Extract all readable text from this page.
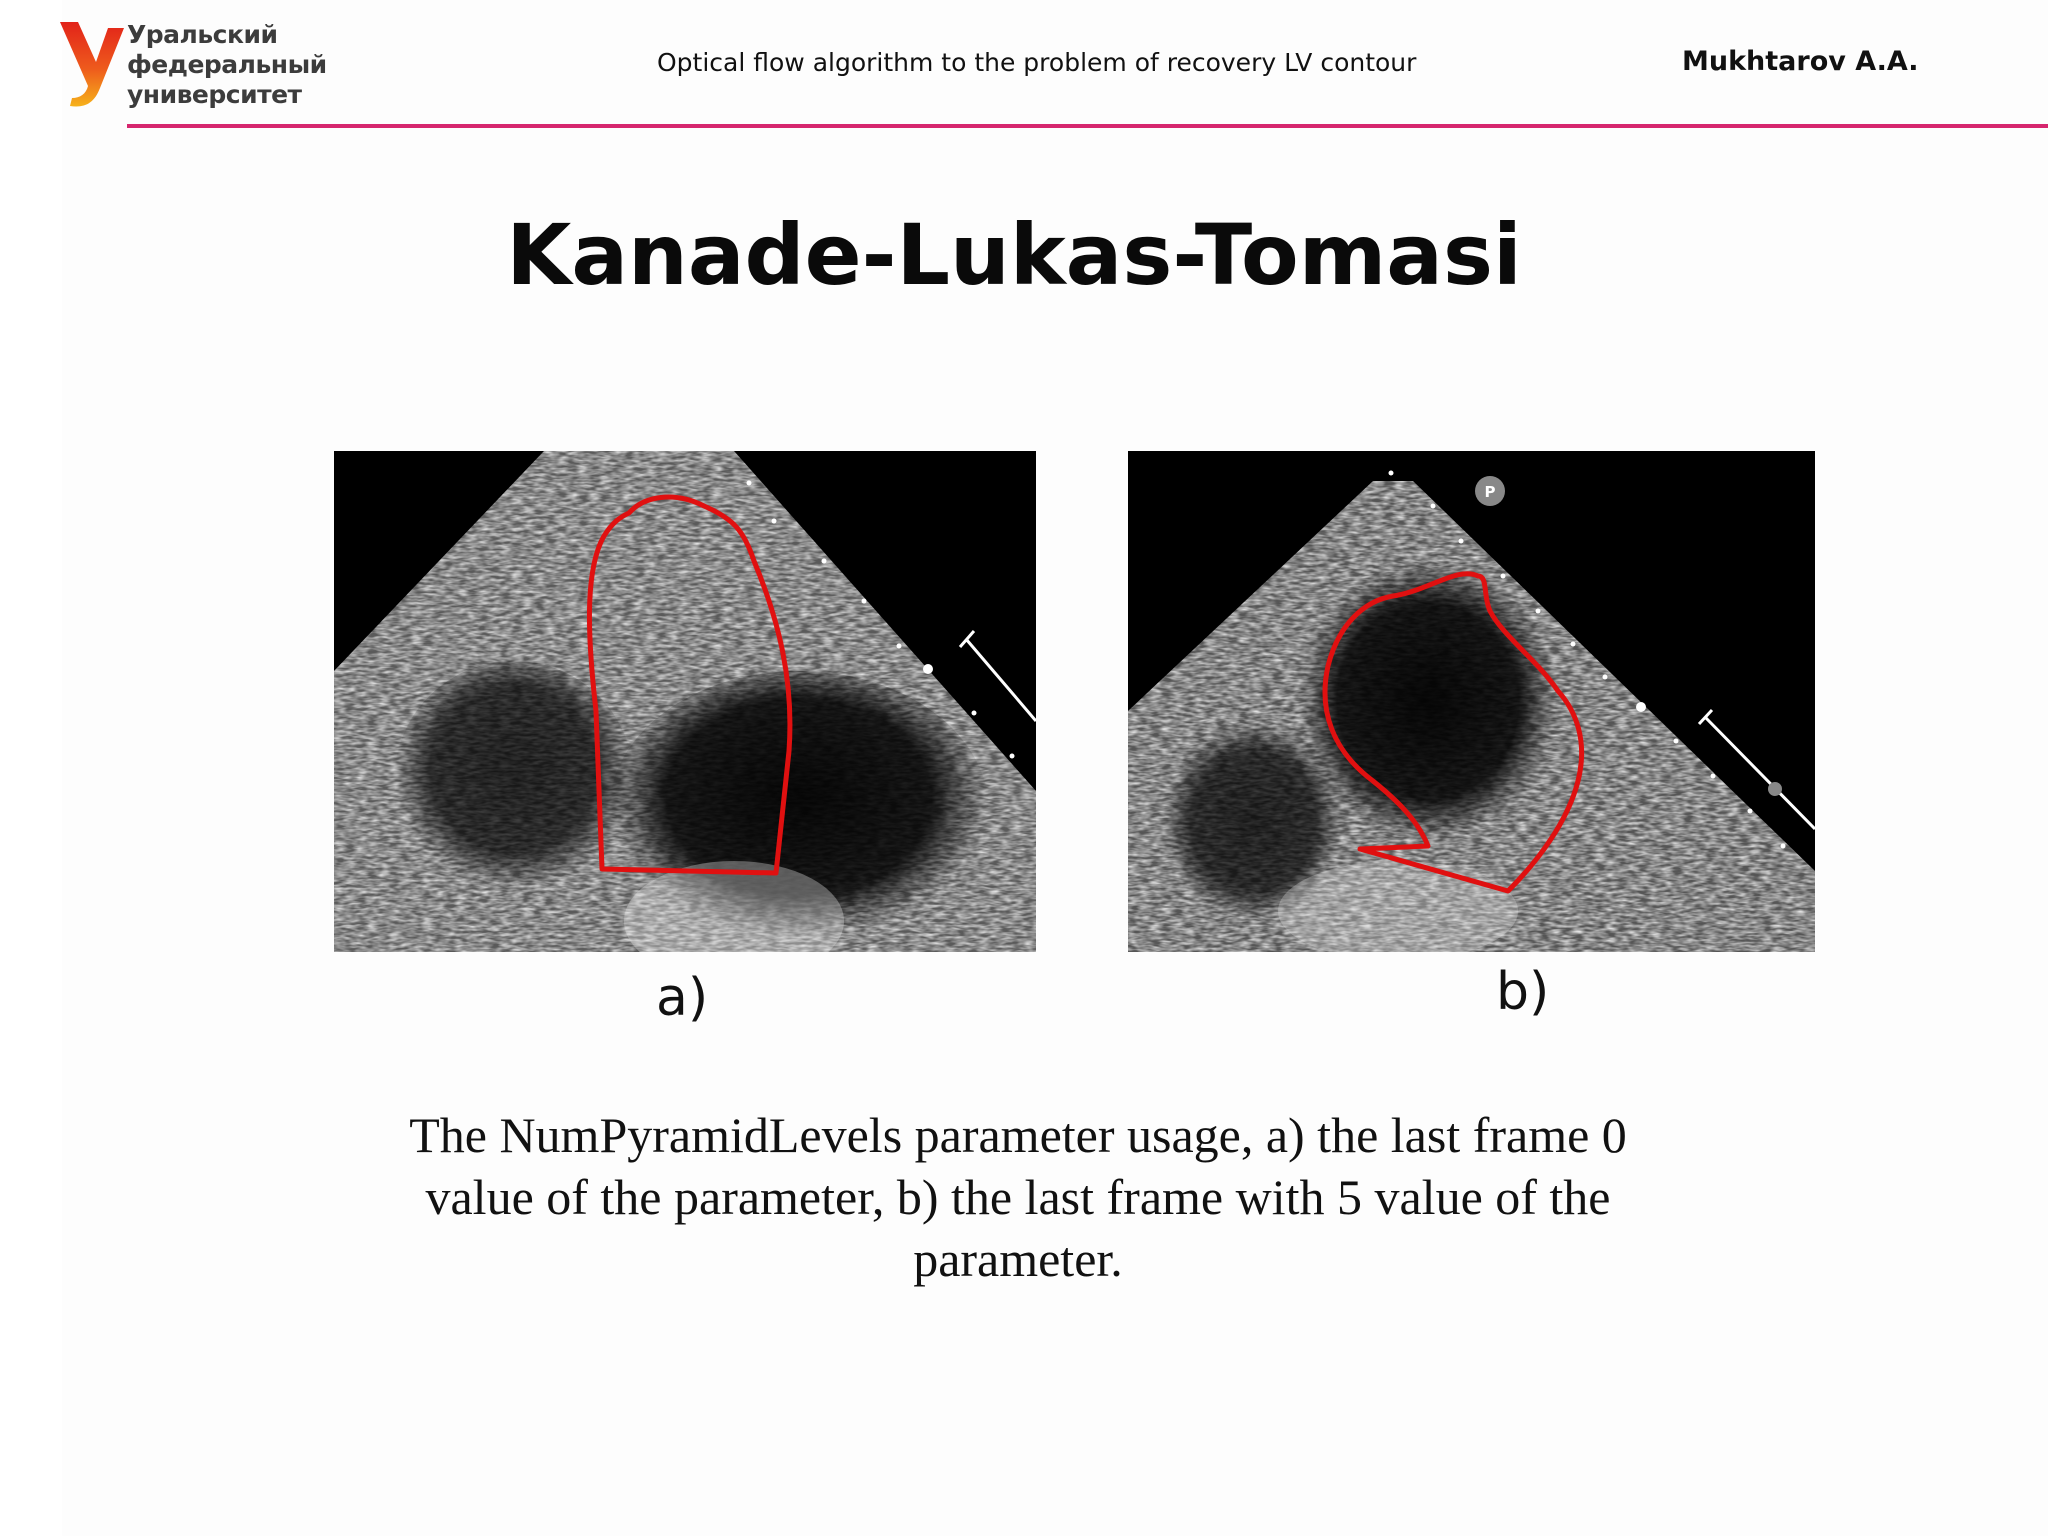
Уральский
федеральный
университет
Optical flow algorithm to the problem of recovery LV contour	Mukhtarov A.A.
Kanade-Lukas-Tomasi
P
a)	b)
The NumPyramidLevels parameter usage, a) the last frame 0 value of the parameter, b) the last frame with 5 value of the parameter.
